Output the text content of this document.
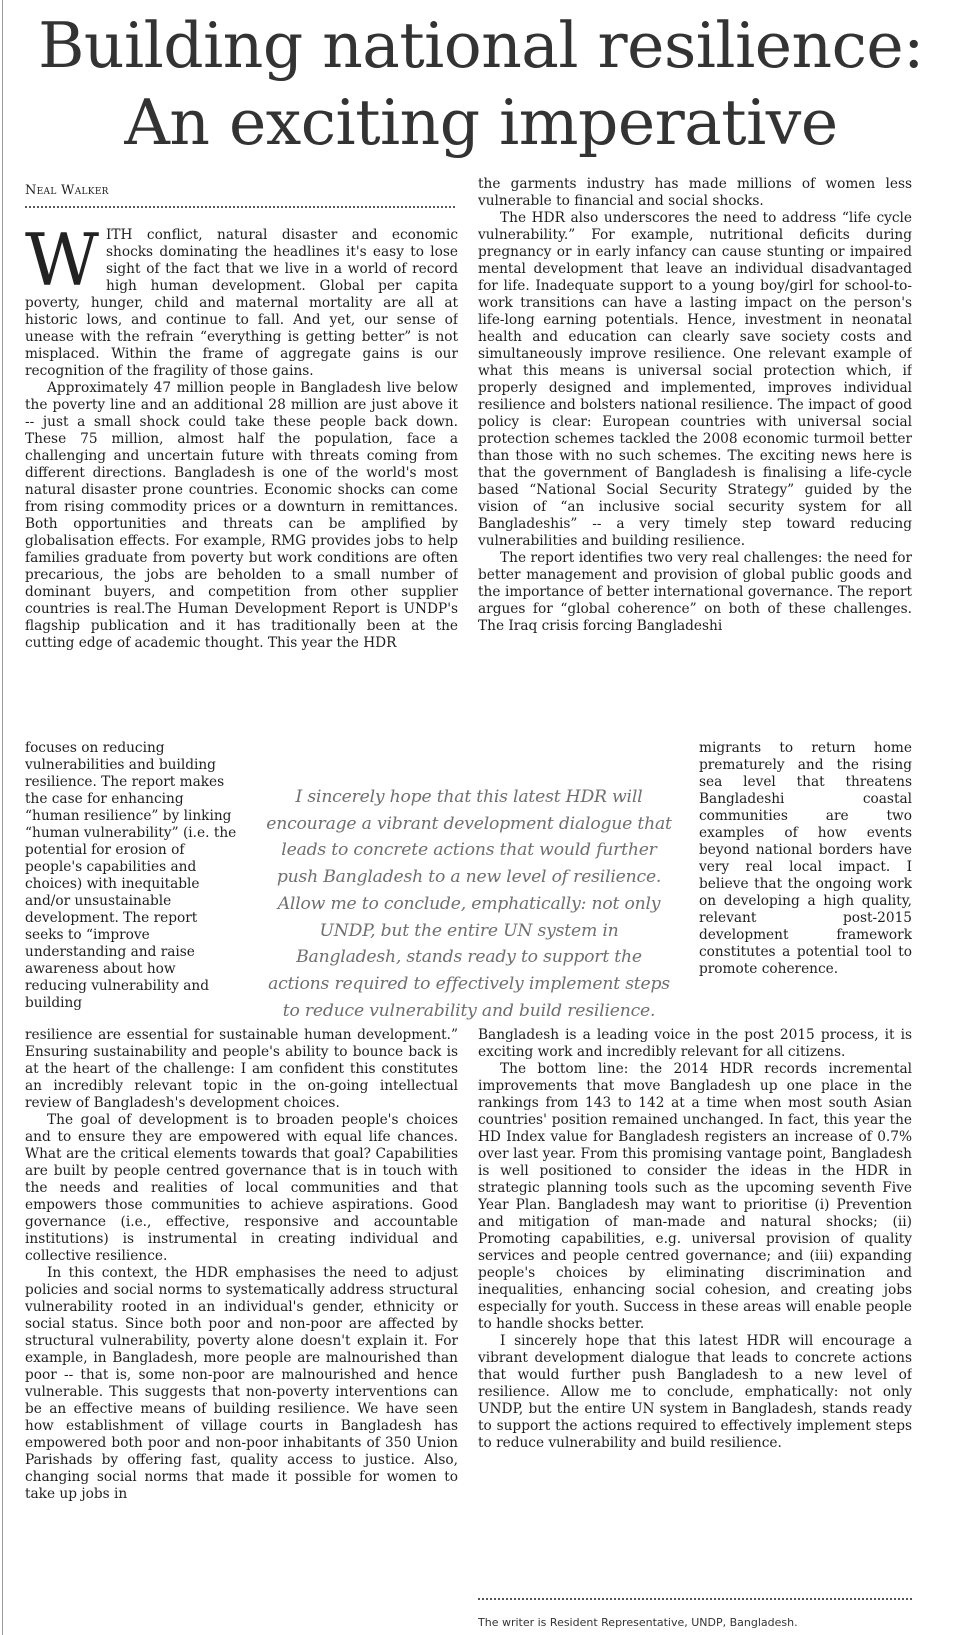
Building national resilience:
An exciting imperative
Neal Walker

WITH conflict, natural disaster and economic shocks dominating the headlines it's easy to lose sight of the fact that we live in a world of record high human development. Global per capita poverty, hunger, child and maternal mortality are all at historic lows, and continue to fall. And yet, our sense of unease with the refrain “everything is getting better” is not misplaced. Within the frame of aggregate gains is our recognition of the fragility of those gains.

Approximately 47 million people in Bangladesh live below the poverty line and an additional 28 million are just above it -- just a small shock could take these people back down. These 75 million, almost half the population, face a challenging and uncertain future with threats coming from different directions. Bangladesh is one of the world's most natural disaster prone countries. Economic shocks can come from rising commodity prices or a downturn in remittances. Both opportunities and threats can be amplified by globalisation effects. For example, RMG provides jobs to help families graduate from poverty but work conditions are often precarious, the jobs are beholden to a small number of dominant buyers, and competition from other supplier countries is real.The Human Development Report is UNDP's flagship publication and it has traditionally been at the cutting edge of academic thought. This year the HDR

focuses on reducing vulnerabilities and building resilience. The report makes the case for enhancing “human resilience” by linking “human vulnerability” (i.e. the potential for erosion of people's capabilities and choices) with inequitable and/or unsustainable development. The report seeks to “improve understanding and raise awareness about how reducing vulnerability and building

resilience are essential for sustainable human development.” Ensuring sustainability and people's ability to bounce back is at the heart of the challenge: I am confident this constitutes an incredibly relevant topic in the on-going intellectual review of Bangladesh's development choices.

The goal of development is to broaden people's choices and to ensure they are empowered with equal life chances. What are the critical elements towards that goal? Capabilities are built by people centred governance that is in touch with the needs and realities of local communities and that empowers those communities to achieve aspirations. Good governance (i.e., effective, responsive and accountable institutions) is instrumental in creating individual and collective resilience.

In this context, the HDR emphasises the need to adjust policies and social norms to systematically address structural vulnerability rooted in an individual's gender, ethnicity or social status. Since both poor and non-poor are affected by structural vulnerability, poverty alone doesn't explain it. For example, in Bangladesh, more people are malnourished than poor -- that is, some non-poor are malnourished and hence vulnerable. This suggests that non-poverty interventions can be an effective means of building resilience. We have seen how establishment of village courts in Bangladesh has empowered both poor and non-poor inhabitants of 350 Union Parishads by offering fast, quality access to justice. Also, changing social norms that made it possible for women to take up jobs in

the garments industry has made millions of women less vulnerable to financial and social shocks.

The HDR also underscores the need to address “life cycle vulnerability.” For example, nutritional deficits during pregnancy or in early infancy can cause stunting or impaired mental development that leave an individual disadvantaged for life. Inadequate support to a young boy/girl for school-to-work transitions can have a lasting impact on the person's life-long earning potentials. Hence, investment in neonatal health and education can clearly save society costs and simultaneously improve resilience. One relevant example of what this means is universal social protection which, if properly designed and implemented, improves individual resilience and bolsters national resilience. The impact of good policy is clear: European countries with universal social protection schemes tackled the 2008 economic turmoil better than those with no such schemes. The exciting news here is that the government of Bangladesh is finalising a life-cycle based “National Social Security Strategy” guided by the vision of “an inclusive social security system for all Bangladeshis” -- a very timely step toward reducing vulnerabilities and building resilience.

The report identifies two very real challenges: the need for better management and provision of global public goods and the importance of better international governance. The report argues for “global coherence” on both of these challenges. The Iraq crisis forcing Bangladeshi

migrants to return home prematurely and the rising sea level that threatens Bangladeshi coastal communities are two examples of how events beyond national borders have very real local impact. I believe that the ongoing work on developing a high quality, relevant post-2015 development framework constitutes a potential tool to promote coherence.

Bangladesh is a leading voice in the post 2015 process, it is exciting work and incredibly relevant for all citizens.

The bottom line: the 2014 HDR records incremental improvements that move Bangladesh up one place in the rankings from 143 to 142 at a time when most south Asian countries' position remained unchanged. In fact, this year the HD Index value for Bangladesh registers an increase of 0.7% over last year. From this promising vantage point, Bangladesh is well positioned to consider the ideas in the HDR in strategic planning tools such as the upcoming seventh Five Year Plan. Bangladesh may want to prioritise (i) Prevention and mitigation of man-made and natural shocks; (ii) Promoting capabilities, e.g. universal provision of quality services and people centred governance; and (iii) expanding people's choices by eliminating discrimination and inequalities, enhancing social cohesion, and creating jobs especially for youth. Success in these areas will enable people to handle shocks better.

I sincerely hope that this latest HDR will encourage a vibrant development dialogue that leads to concrete actions that would further push Bangladesh to a new level of resilience. Allow me to conclude, emphatically: not only UNDP, but the entire UN system in Bangladesh, stands ready to support the actions required to effectively implement steps to reduce vulnerability and build resilience.

I sincerely hope that this latest HDR will
encourage a vibrant development dialogue that
leads to concrete actions that would further
push Bangladesh to a new level of resilience.
Allow me to conclude, emphatically: not only
UNDP, but the entire UN system in
Bangladesh, stands ready to support the
actions required to effectively implement steps
to reduce vulnerability and build resilience.
The writer is Resident Representative, UNDP, Bangladesh.
